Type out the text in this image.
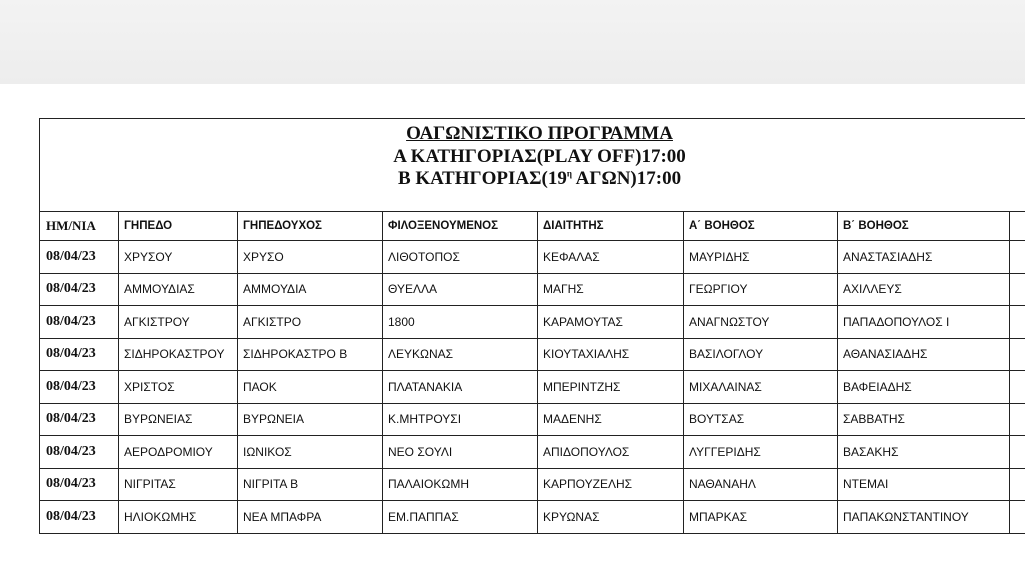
ΟΑΓΩΝΙΣΤΙΚΟ ΠΡΟΓΡΑΜΜΑ
Α ΚΑΤΗΓΟΡΙΑΣ(PLAY OFF)17:00
Β $KATH\Gamma OPIA\Sigma(19^\eta$ ΑΓΩΝ)17:00							

ΗΜ/ΝΙΑ	ΓΗΠΕΔΟ	ΓΗΠΕΔΟΥΧΟΣ	ΦΙΛΟΞΕΝΟΥΜΕΝΟΣ	ΔΙΑΙΤΗΤΗΣ	Α΄ ΒΟΗΘΟΣ	Β΄ ΒΟΗΘΟΣ	
08/04/23	ΧΡΥΣΟΥ	ΧΡΥΣΟ	ΛΙΘΟΤΟΠΟΣ	ΚΕΦΑΛΑΣ	ΜΑΥΡΙΔΗΣ	ΑΝΑΣΤΑΣΙΑΔΗΣ	
08/04/23	ΑΜΜΟΥΔΙΑΣ	ΑΜΜΟΥΔΙΑ	ΘΥΕΛΛΑ	ΜΑΓΗΣ	ΓΕΩΡΓΙΟΥ	ΑΧΙΛΛΕΥΣ	
08/04/23	ΑΓΚΙΣΤΡΟΥ	ΑΓΚΙΣΤΡΟ	1800	ΚΑΡΑΜΟΥΤΑΣ	ΑΝΑΓΝΩΣΤΟΥ	ΠΑΠΑΔΟΠΟΥΛΟΣ Ι	
08/04/23	ΣΙΔΗΡΟΚΑΣΤΡΟΥ	ΣΙΔΗΡΟΚΑΣΤΡΟ Β	ΛΕΥΚΩΝΑΣ	ΚΙΟΥΤΑΧΙΑΛΗΣ	ΒΑΣΙΛΟΓΛΟΥ	ΑΘΑΝΑΣΙΑΔΗΣ	
08/04/23	ΧΡΙΣΤΟΣ	ΠΑΟΚ	ΠΛΑΤΑΝΑΚΙΑ	ΜΠΕΡΙΝΤΖΗΣ	ΜΙΧΑΛΑΙΝΑΣ	ΒΑΦΕΙΑΔΗΣ	
08/04/23	ΒΥΡΩΝΕΙΑΣ	ΒΥΡΩΝΕΙΑ	Κ.ΜΗΤΡΟΥΣΙ	ΜΑΔΕΝΗΣ	ΒΟΥΤΣΑΣ	ΣΑΒΒΑΤΗΣ	
08/04/23	ΑΕΡΟΔΡΟΜΙΟΥ	ΙΩΝΙΚΟΣ	ΝΕΟ ΣΟΥΛΙ	ΑΠΙΔΟΠΟΥΛΟΣ	ΛΥΓΓΕΡΙΔΗΣ	ΒΑΣΑΚΗΣ	
08/04/23	ΝΙΓΡΙΤΑΣ	ΝΙΓΡΙΤΑ Β	ΠΑΛΑΙΟΚΩΜΗ	ΚΑΡΠΟΥΖΕΛΗΣ	ΝΑΘΑΝΑΗΛ	ΝΤΕΜΑΙ	
08/04/23	ΗΛΙΟΚΩΜΗΣ	ΝΕΑ ΜΠΑΦΡΑ	ΕΜ.ΠΑΠΠΑΣ	ΚΡΥΩΝΑΣ	ΜΠΑΡΚΑΣ	ΠΑΠΑΚΩΝΣΤΑΝΤΙΝΟΥ	
